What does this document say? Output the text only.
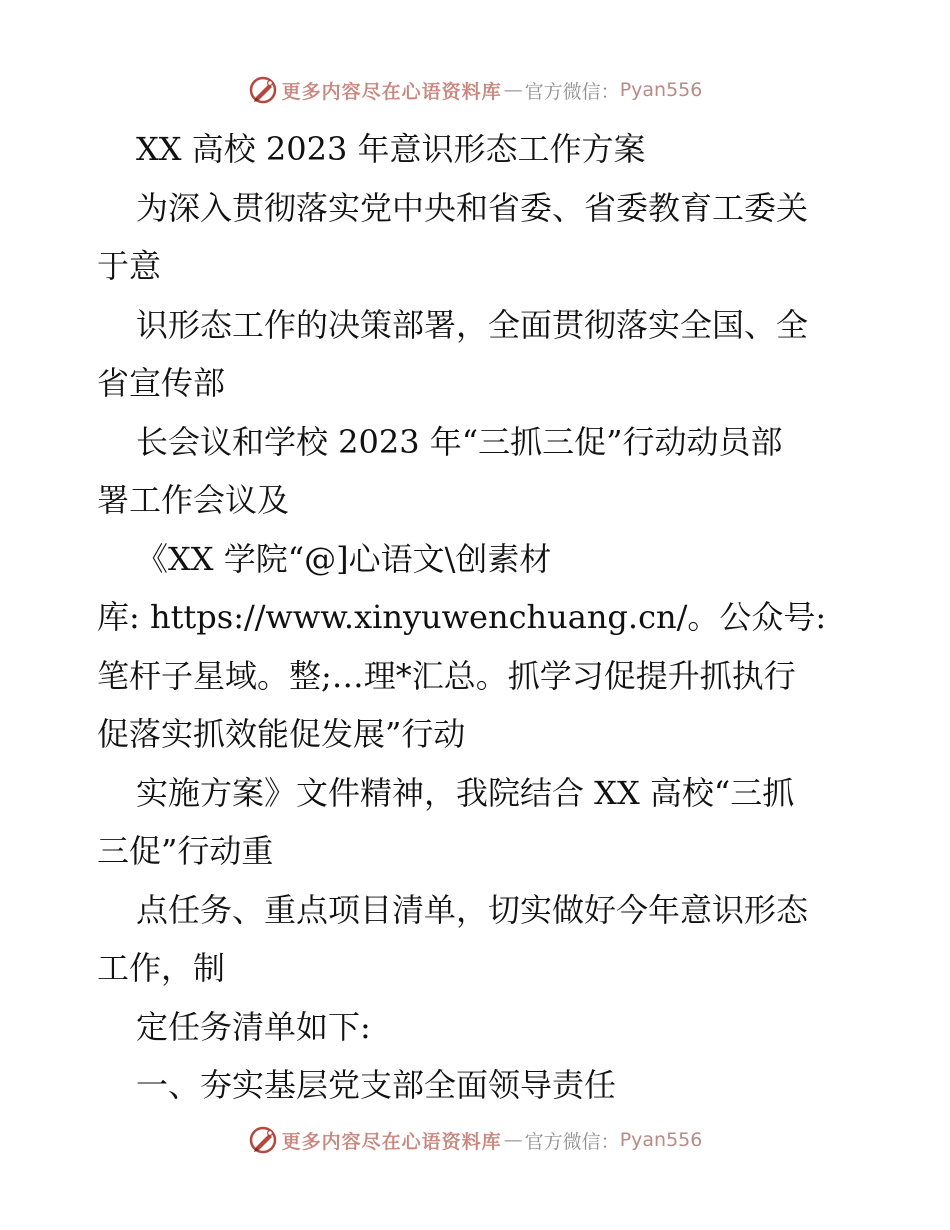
更多内容尽在心语资料库 — 官方微信： Pyan556
XX 高校 2023 年意识形态工作方案
为深入贯彻落实党中央和省委、省委教育工委关
于意
识形态工作的决策部署，全面贯彻落实全国、全
省宣传部
长会议和学校 2023 年“三抓三促”行动动员部
署工作会议及
《XX 学院“@]心语文\创素材
库: https://www.xinyuwenchuang.cn/。公众号:
笔杆子星域。整;…理*汇总。抓学习促提升抓执行
促落实抓效能促发展”行动
实施方案》文件精神，我院结合 XX 高校“三抓
三促”行动重
点任务、重点项目清单，切实做好今年意识形态
工作，制
定任务清单如下:
一、夯实基层党支部全面领导责任
更多内容尽在心语资料库 — 官方微信： Pyan556
